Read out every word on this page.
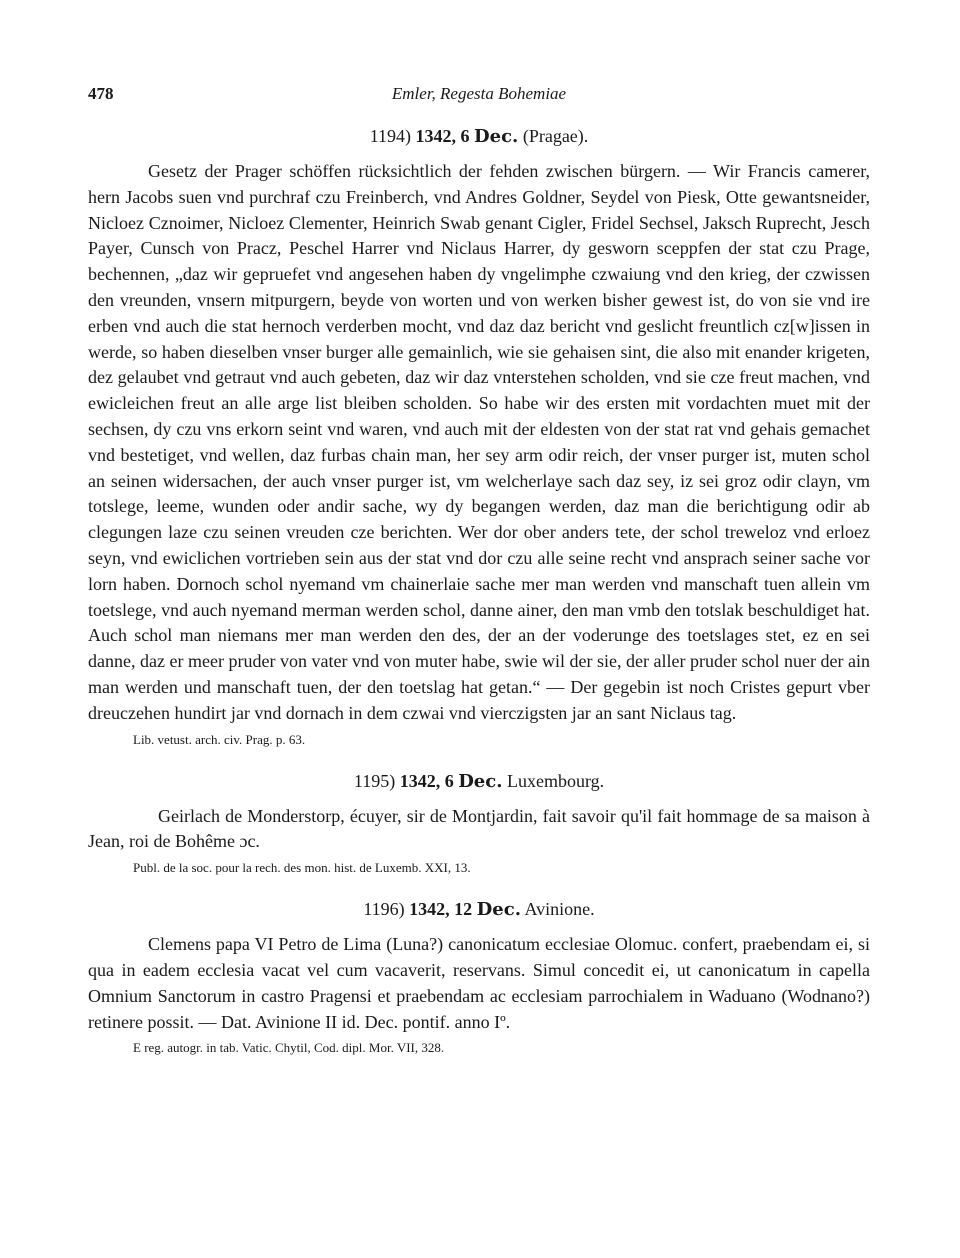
478	Emler, Regesta Bohemiae
1194) 1342, 6 Dec. (Pragae).

Gesetz der Prager schöffen rücksichtlich der fehden zwischen bürgern. — Wir Francis camerer, hern Jacobs suen vnd purchraf czu Freinberch, vnd Andres Goldner, Seydel von Piesk, Otte gewantsneider, Nicloez Cznoimer, Nicloez Clementer, Heinrich Swab genant Cigler, Fridel Sechsel, Jaksch Ruprecht, Jesch Payer, Cunsch von Pracz, Peschel Harrer vnd Niclaus Harrer, dy gesworn sceppfen der stat czu Prage, bechennen, „daz wir gepruefet vnd angesehen haben dy vngelimphe czwaiung vnd den krieg, der czwissen den vreunden, vnsern mitpurgern, beyde von worten und von werken bisher gewest ist, do von sie vnd ire erben vnd auch die stat hernoch verderben mocht, vnd daz daz bericht vnd geslicht freuntlich cz[w]issen in werde, so haben dieselben vnser burger alle gemainlich, wie sie gehaisen sint, die also mit enander krigeten, dez gelaubet vnd getraut vnd auch gebeten, daz wir daz vnterstehen scholden, vnd sie cze freut machen, vnd ewicleichen freut an alle arge list bleiben scholden. So habe wir des ersten mit vordachten muet mit der sechsen, dy czu vns erkorn seint vnd waren, vnd auch mit der eldesten von der stat rat vnd gehais gemachet vnd bestetiget, vnd wellen, daz furbas chain man, her sey arm odir reich, der vnser purger ist, muten schol an seinen widersachen, der auch vnser purger ist, vm welcherlaye sach daz sey, iz sei groz odir clayn, vm totslege, leeme, wunden oder andir sache, wy dy begangen werden, daz man die berichtigung odir ab clegungen laze czu seinen vreuden cze berichten. Wer dor ober anders tete, der schol treweloz vnd erloez seyn, vnd ewiclichen vortrieben sein aus der stat vnd dor czu alle seine recht vnd ansprach seiner sache vor lorn haben. Dornoch schol nyemand vm chainerlaie sache mer man werden vnd manschaft tuen allein vm toetslege, vnd auch nyemand merman werden schol, danne ainer, den man vmb den totslak beschuldiget hat. Auch schol man niemans mer man werden den des, der an der voderunge des toetslages stet, ez en sei danne, daz er meer pruder von vater vnd von muter habe, swie wil der sie, der aller pruder schol nuer der ain man werden und manschaft tuen, der den toetslag hat getan.“ — Der gegebin ist noch Cristes gepurt vber dreuczehen hundirt jar vnd dornach in dem czwai vnd vierczigsten jar an sant Niclaus tag.

Lib. vetust. arch. civ. Prag. p. 63.
1195) 1342, 6 Dec. Luxembourg.

Geirlach de Monderstorp, écuyer, sir de Montjardin, fait savoir qu'il fait hommage de sa maison à Jean, roi de Bohême ɔc.

Publ. de la soc. pour la rech. des mon. hist. de Luxemb. XXI, 13.
1196) 1342, 12 Dec. Avinione.

Clemens papa VI Petro de Lima (Luna?) canonicatum ecclesiae Olomuc. confert, praebendam ei, si qua in eadem ecclesia vacat vel cum vacaverit, reservans. Simul concedit ei, ut canonicatum in capella Omnium Sanctorum in castro Pragensi et praebendam ac ecclesiam parrochialem in Waduano (Wodnano?) retinere possit. — Dat. Avinione II id. Dec. pontif. anno Iº.

E reg. autogr. in tab. Vatic. Chytil, Cod. dipl. Mor. VII, 328.
